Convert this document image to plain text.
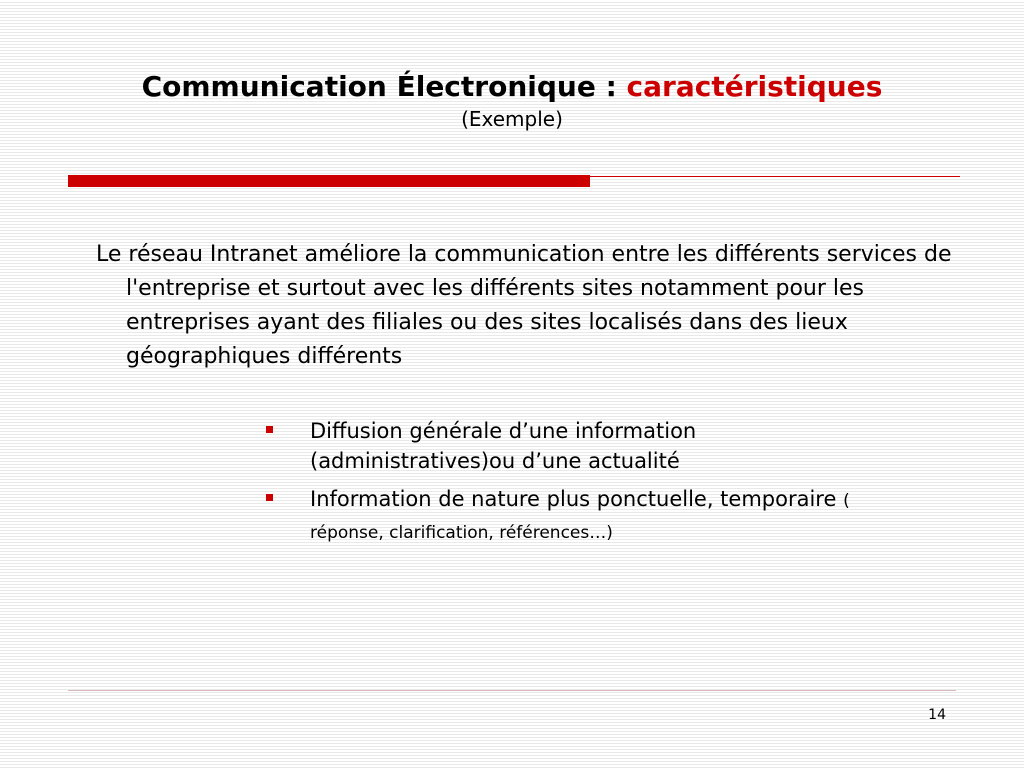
Communication Électronique : caractéristiques
(Exemple)
Le réseau Intranet améliore la communication entre les différents services de l'entreprise et surtout avec les différents sites notamment pour les entreprises ayant des filiales ou des sites localisés dans des lieux géographiques différents
Diffusion générale d’une information (administratives)ou d’une actualité
Information de nature plus ponctuelle, temporaire ( réponse, clarification, références…)
14
